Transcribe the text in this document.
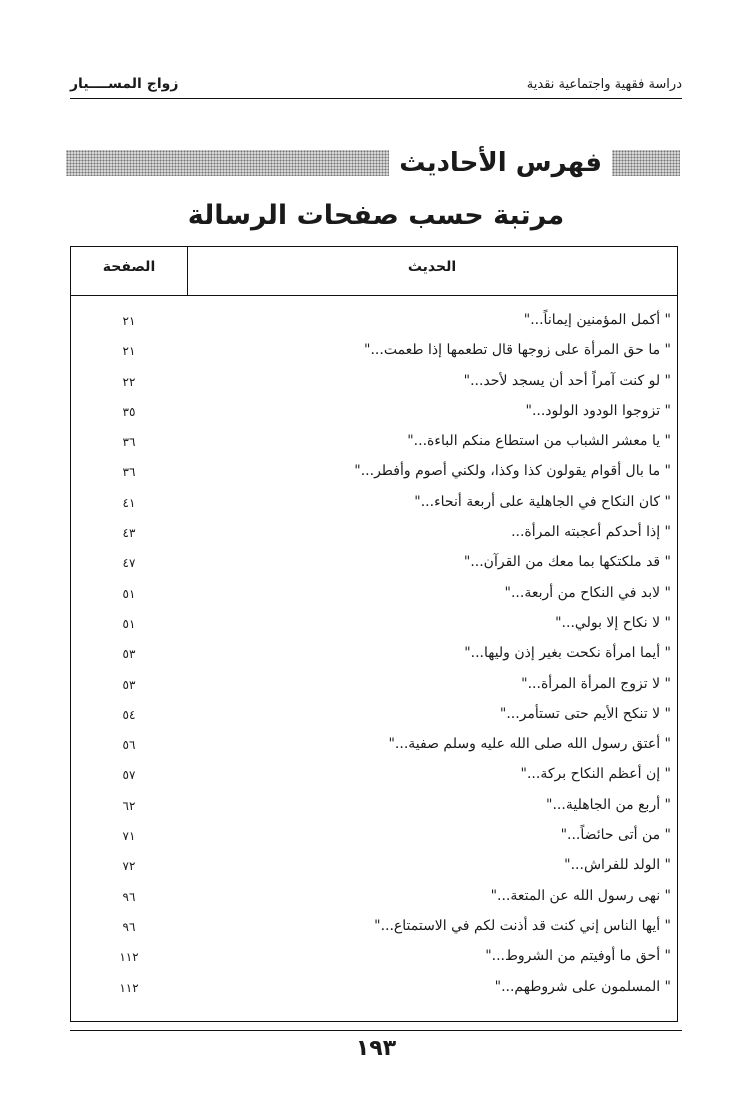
دراسة فقهية واجتماعية نقدية
زواج المســــيار
فهرس الأحاديث
مرتبة حسب صفحات الرسالة
الصفحة	الحديث
" أكمل المؤمنين إيماناً..."
٢١
" ما حق المرأة على زوجها قال تطعمها إذا طعمت..."
٢١
" لو كنت آمراً أحد أن يسجد لأحد..."
٢٢
" تزوجوا الودود الولود..."
٣٥
" يا معشر الشباب من استطاع منكم الباءة..."
٣٦
" ما بال أقوام يقولون كذا وكذا، ولكني أصوم وأفطر..."
٣٦
" كان النكاح في الجاهلية على أربعة أنحاء..."
٤١
" إذا أحدكم أعجبته المرأة...
٤٣
" قد ملكتكها بما معك من القرآن..."
٤٧
" لابد في النكاح من أربعة..."
٥١
" لا نكاح إلا بولي..."
٥١
" أيما امرأة نكحت بغير إذن وليها..."
٥٣
" لا تزوج المرأة المرأة..."
٥٣
" لا تنكح الأيم حتى تستأمر..."
٥٤
" أعتق رسول الله صلى الله عليه وسلم صفية..."
٥٦
" إن أعظم النكاح بركة..."
٥٧
" أربع من الجاهلية..."
٦٢
" من أتى حائضاً..."
٧١
" الولد للفراش..."
٧٢
" نهى رسول الله عن المتعة..."
٩٦
" أيها الناس إني كنت قد أذنت لكم في الاستمتاع..."
٩٦
" أحق ما أوفيتم من الشروط..."
١١٢
" المسلمون على شروطهم..."
١١٢
١٩٣
